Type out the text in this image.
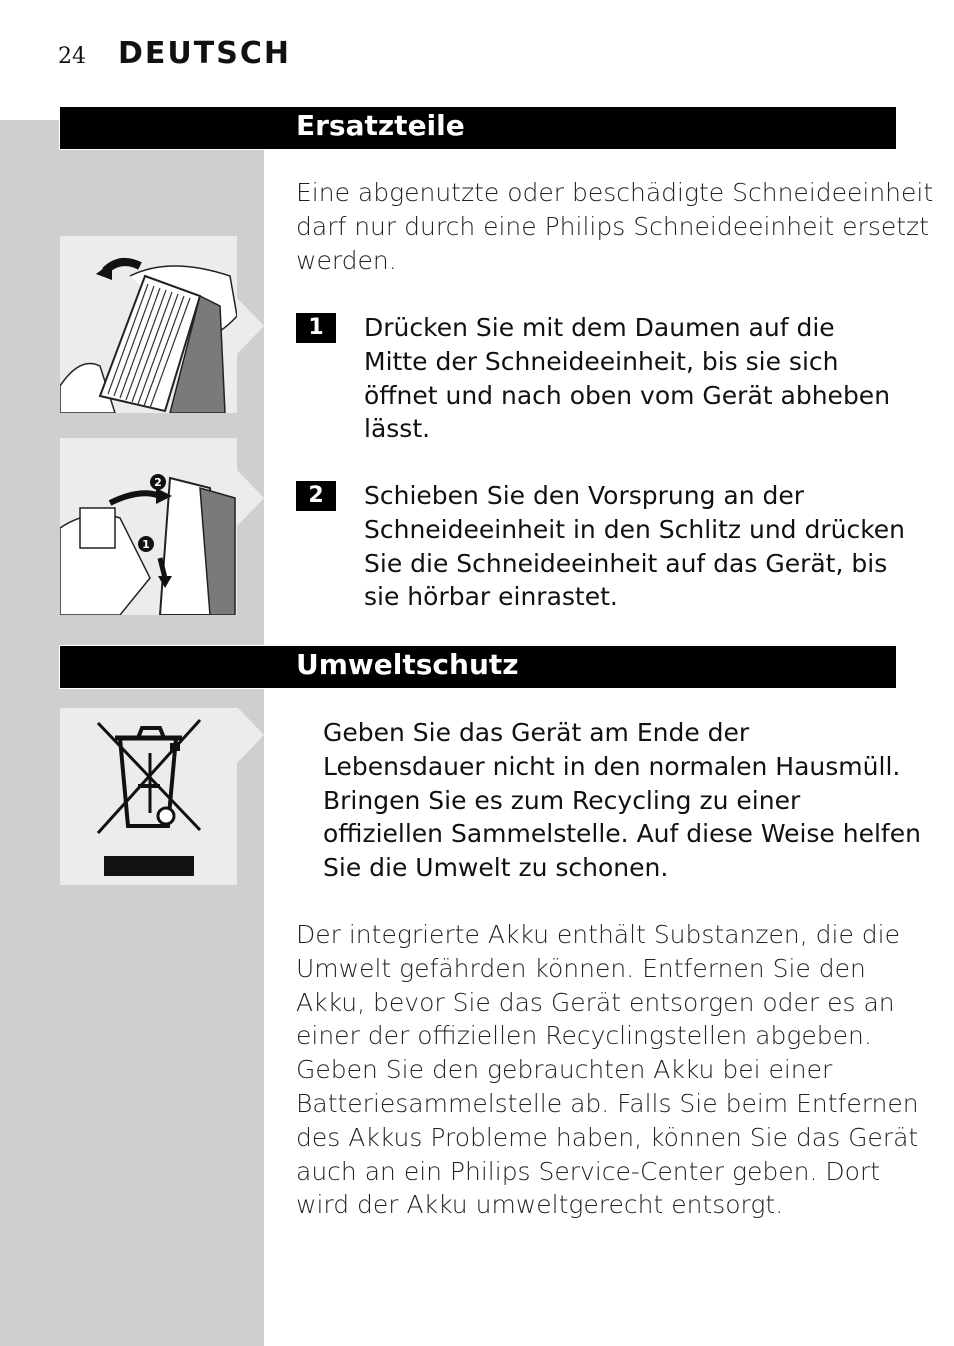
24 DEUTSCH
Ersatzteile
Eine abgenutzte oder beschädigte Schneideeinheit
darf nur durch eine Philips Schneideeinheit ersetzt
werden.
1	Drücken Sie mit dem Daumen auf die
Mitte der Schneideeinheit, bis sie sich
öffnet und nach oben vom Gerät abheben
lässt.
2
1
2	Schieben Sie den Vorsprung an der
Schneideeinheit in den Schlitz und drücken
Sie die Schneideeinheit auf das Gerät, bis
sie hörbar einrastet.
Umweltschutz
Geben Sie das Gerät am Ende der
Lebensdauer nicht in den normalen Hausmüll.
Bringen Sie es zum Recycling zu einer
offiziellen Sammelstelle. Auf diese Weise helfen
Sie die Umwelt zu schonen.
Der integrierte Akku enthält Substanzen, die die
Umwelt gefährden können. Entfernen Sie den
Akku, bevor Sie das Gerät entsorgen oder es an
einer der offiziellen Recyclingstellen abgeben.
Geben Sie den gebrauchten Akku bei einer
Batteriesammelstelle ab. Falls Sie beim Entfernen
des Akkus Probleme haben, können Sie das Gerät
auch an ein Philips Service-Center geben. Dort
wird der Akku umweltgerecht entsorgt.
